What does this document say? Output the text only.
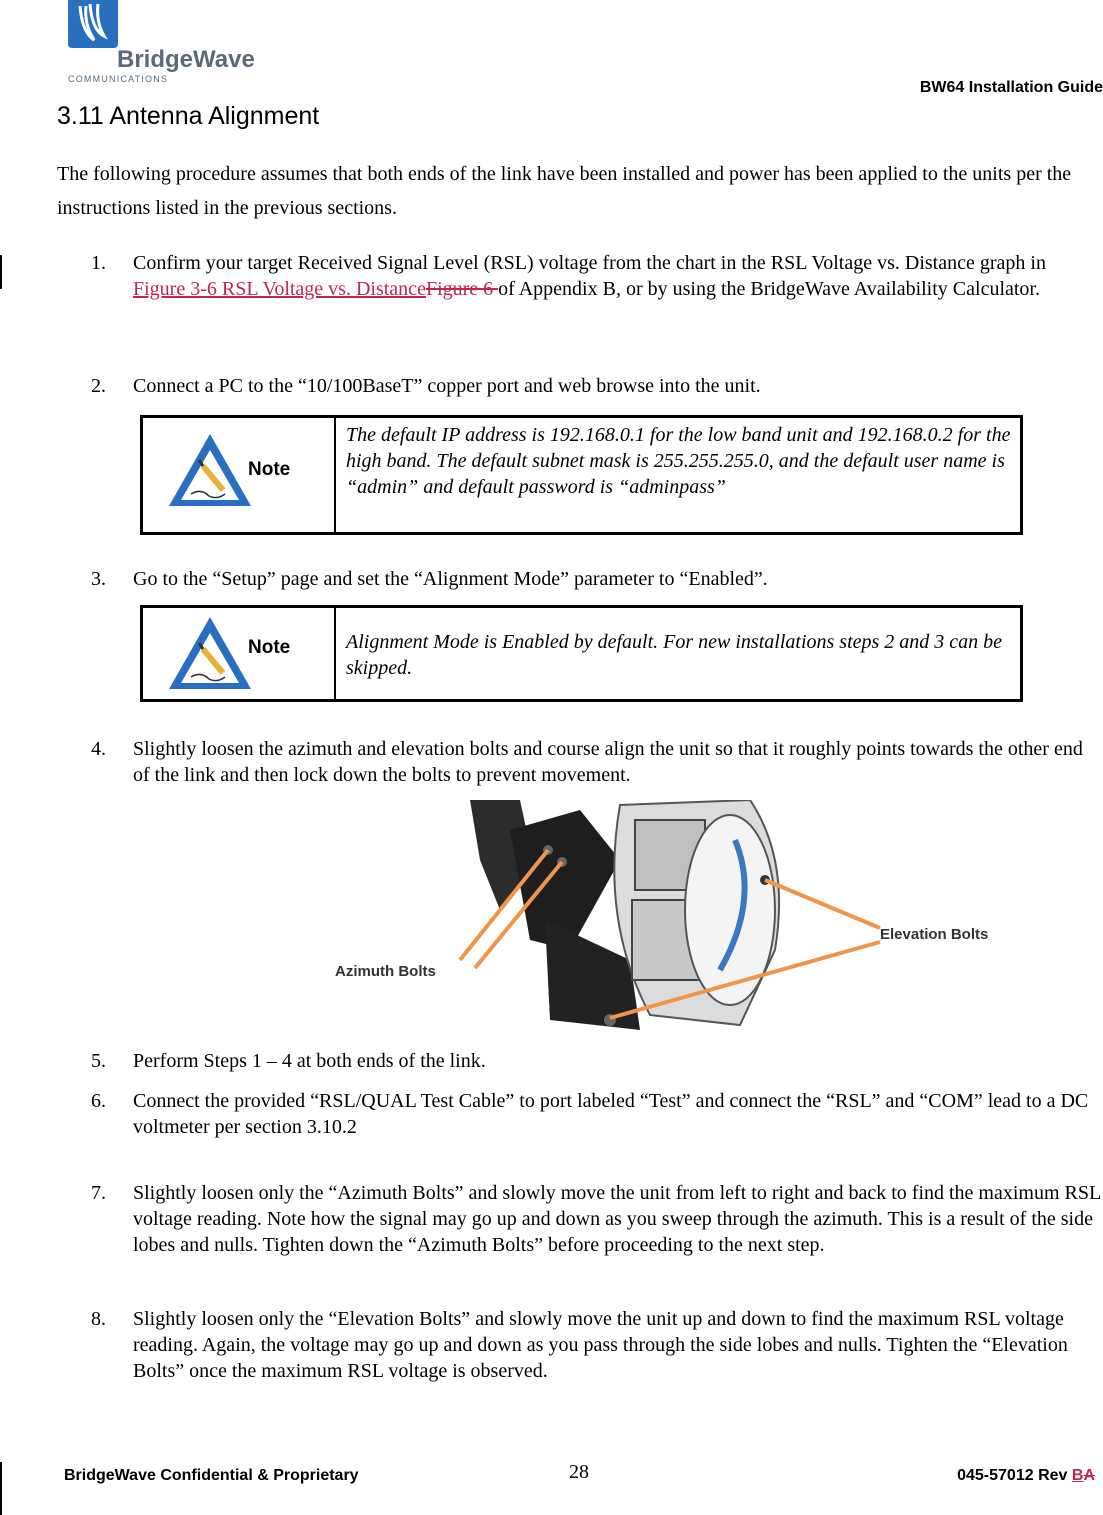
BridgeWave
COMMUNICATIONS	BW64 Installation Guide
3.11 Antenna Alignment
The following procedure assumes that both ends of the link have been installed and power has been applied to the units per the instructions listed in the previous sections.
1. Confirm your target Received Signal Level (RSL) voltage from the chart in the RSL Voltage vs. Distance graph in Figure 3-6 RSL Voltage vs. DistanceFigure 6 of Appendix B, or by using the BridgeWave Availability Calculator.
2. Connect a PC to the “10/100BaseT” copper port and web browse into the unit.
Note
The default IP address is 192.168.0.1 for the low band unit and 192.168.0.2 for the high band. The default subnet mask is 255.255.255.0, and the default user name is “admin” and default password is “adminpass”
3. Go to the “Setup” page and set the “Alignment Mode” parameter to “Enabled”.
Note	Alignment Mode is Enabled by default. For new installations steps 2 and 3 can be skipped.
4. Slightly loosen the azimuth and elevation bolts and course align the unit so that it roughly points towards the other end of the link and then lock down the bolts to prevent movement.
Azimuth Bolts
Elevation Bolts
5. Perform Steps 1 – 4 at both ends of the link.
6. Connect the provided “RSL/QUAL Test Cable” to port labeled “Test” and connect the “RSL” and “COM” lead to a DC voltmeter per section 3.10.2
7. Slightly loosen only the “Azimuth Bolts” and slowly move the unit from left to right and back to find the maximum RSL voltage reading. Note how the signal may go up and down as you sweep through the azimuth. This is a result of the side lobes and nulls. Tighten down the “Azimuth Bolts” before proceeding to the next step.
8. Slightly loosen only the “Elevation Bolts” and slowly move the unit up and down to find the maximum RSL voltage reading. Again, the voltage may go up and down as you pass through the side lobes and nulls. Tighten the “Elevation Bolts” once the maximum RSL voltage is observed.
BridgeWave Confidential & Proprietary	28	045-57012 Rev BA
